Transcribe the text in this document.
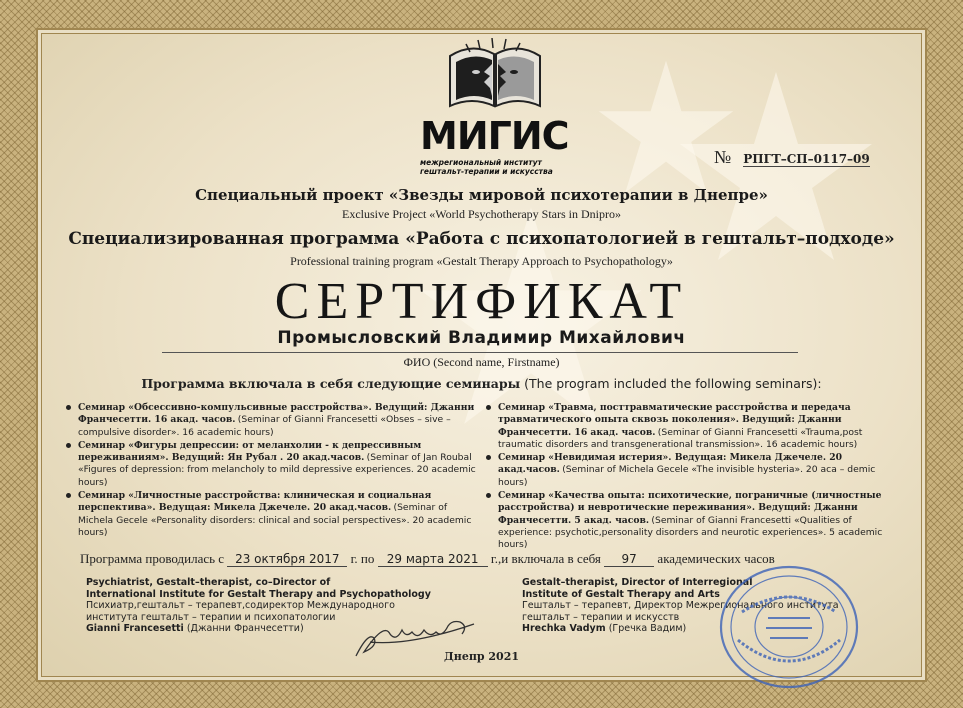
МИГИС
межрегиональный институт
гештальт-терапии и искусства
№ РПГТ–СП–0117–09
Специальный проект «Звезды мировой психотерапии в Днепре»
Exclusive Project «World Psychotherapy Stars in Dnipro»
Специализированная программа «Работа с психопатологией в гештальт–подходе»
Professional training program «Gestalt Therapy Approach to Psychopathology»
СЕРТИФИКАТ
Промысловский Владимир Михайлович
ФИО (Second name, Firstname)
Программа включала в себя следующие семинары (The program included the following seminars):
Семинар «Обсессивно-компульсивные расстройства». Ведущий: Джанни Франчесетти. 16 акад. часов. (Seminar of Gianni Francesetti «Obses – sive – compulsive disorder». 16 academic hours)
Семинар «Фигуры депрессии: от меланхолии - к депрессивным переживаниям». Ведущий: Ян Рубал . 20 акад.часов. (Seminar of Jan Roubal «Figures of depression: from melancholy to mild depressive experiences. 20 academic hours)
Семинар «Личностные расстройства: клиническая и социальная перспектива». Ведущая: Микела Джечеле. 20 акад.часов. (Seminar of Michela Gecele «Personality disorders: clinical and social perspectives». 20 academic hours)
Семинар «Травма, посттравматические расстройства и передача травматического опыта сквозь поколения». Ведущий: Джанни Франчесетти. 16 акад. часов. (Seminar of Gianni Francesetti «Trauma,post traumatic disorders and transgenerational transmission». 16 academic hours)
Семинар «Невидимая истерия». Ведущая: Микела Джечеле. 20 акад.часов. (Seminar of Michela Gecele «The invisible hysteria». 20 aca – demic hours)
Семинар «Качества опыта: психотические, пограничные (личностные расстройства) и невротические переживания». Ведущий: Джанни Франчесетти. 5 акад. часов. (Seminar of Gianni Francesetti «Qualities of experience: psychotic,personality disorders and neurotic experiences». 5 academic hours)
Программа проводилась с 23 октября 2017 г. по 29 марта 2021 г.,и включала в себя 97 академических часов
Psychiatrist, Gestalt–therapist, co–Director of
International Institute for Gestalt Therapy and Psychopathology
Психиатр,гештальт – терапевт,содиректор Международного
института гештальт – терапии и психопатологии
Gianni Francesetti (Джанни Франчесетти)
Gestalt–therapist, Director of Interregional
Institute of Gestalt Therapy and Arts
Гештальт – терапевт, Директор Межрегионального института
гештальт – терапии и искусств
Hrechka Vadym (Гречка Вадим)
Днепр 2021
